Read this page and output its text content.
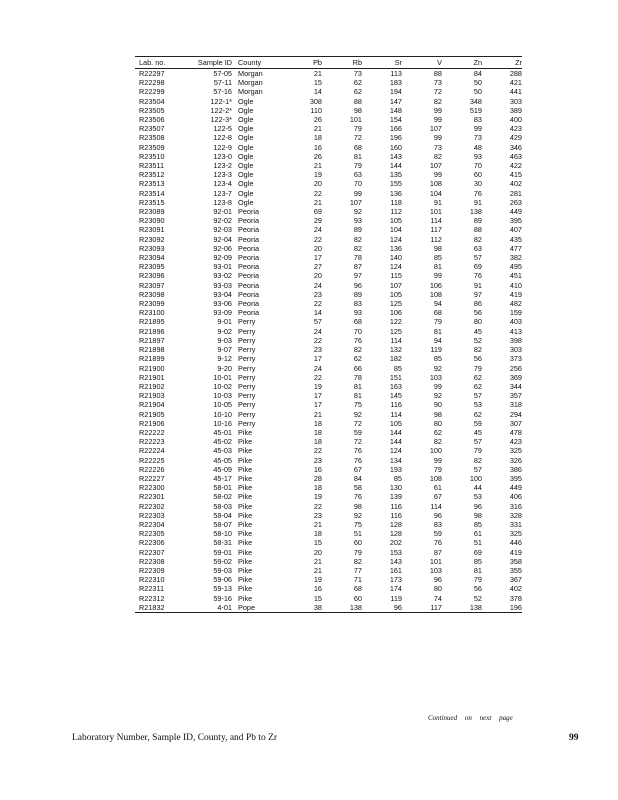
Lab. no.	Sample ID	County	Pb	Rb	Sr	V	Zn	Zr
R22297	57-05	Morgan	21	73	113	88	84	288
R22298	57-11	Morgan	15	62	183	73	50	421
R22299	57-16	Morgan	14	62	194	72	50	441
R23504	122-1*	Ogle	308	88	147	82	348	303
R23505	122-2*	Ogle	110	98	148	99	519	389
R23506	122-3*	Ogle	26	101	154	99	83	400
R23507	122-5	Ogle	21	79	166	107	99	423
R23508	122-8	Ogle	18	72	196	99	73	429
R23509	122-9	Ogle	16	68	160	73	48	346
R23510	123-0	Ogle	26	81	143	82	93	463
R23511	123-2	Ogle	21	79	144	107	70	422
R23512	123-3	Ogle	19	63	135	99	60	415
R23513	123-4	Ogle	20	70	155	108	30	402
R23514	123-7	Ogle	22	99	136	104	76	281
R23515	123-8	Ogle	21	107	118	91	91	263
R23089	92-01	Peoria	69	92	112	101	138	449
R23090	92-02	Peoria	29	93	105	114	89	395
R23091	92-03	Peoria	24	89	104	117	88	407
R23092	92-04	Peoria	22	82	124	112	82	435
R23093	92-06	Peoria	20	82	136	98	63	477
R23094	92-09	Peoria	17	78	140	85	57	382
R23095	93-01	Peoria	27	87	124	81	69	495
R23096	93-02	Peoria	20	97	115	99	76	451
R23097	93-03	Peoria	24	96	107	106	91	410
R23098	93-04	Peoria	23	89	105	108	97	419
R23099	93-06	Peoria	22	83	125	94	86	482
R23100	93-09	Peoria	14	93	106	68	56	159
R21895	9-01	Perry	57	68	122	79	80	403
R21896	9-02	Perry	24	70	125	81	45	413
R21897	9-03	Perry	22	76	114	94	52	398
R21898	9-07	Perry	23	82	132	119	82	303
R21899	9-12	Perry	17	62	182	85	56	373
R21900	9-20	Perry	24	66	85	92	79	256
R21901	10-01	Perry	22	78	151	103	62	369
R21902	10-02	Perry	19	81	163	99	62	344
R21903	10-03	Perry	17	81	145	92	57	357
R21904	10-05	Perry	17	75	116	90	53	318
R21905	10-10	Perry	21	92	114	98	62	294
R21906	10-16	Perry	18	72	105	80	59	307
R22222	45-01	Pike	18	59	144	62	45	478
R22223	45-02	Pike	18	72	144	82	57	423
R22224	45-03	Pike	22	76	124	100	79	325
R22225	45-05	Pike	23	76	134	99	82	326
R22226	45-09	Pike	16	67	193	79	57	386
R22227	45-17	Pike	28	84	85	108	100	395
R22300	58-01	Pike	18	58	130	61	44	449
R22301	58-02	Pike	19	76	139	67	53	406
R22302	58-03	Pike	22	98	116	114	96	316
R22303	58-04	Pike	23	92	116	96	98	328
R22304	58-07	Pike	21	75	128	83	85	331
R22305	58-10	Pike	18	51	128	59	61	325
R22306	58-31	Pike	15	60	202	76	51	446
R22307	59-01	Pike	20	79	153	87	69	419
R22308	59-02	Pike	21	82	143	101	85	358
R22309	59-03	Pike	21	77	161	103	81	355
R22310	59-06	Pike	19	71	173	96	79	367
R22311	59-13	Pike	16	68	174	80	56	402
R22312	59-16	Pike	15	60	119	74	52	378
R21832	4-01	Pope	38	138	96	117	138	196
Continued on next page
Laboratory Number, Sample ID, County, and Pb to Zr	99
